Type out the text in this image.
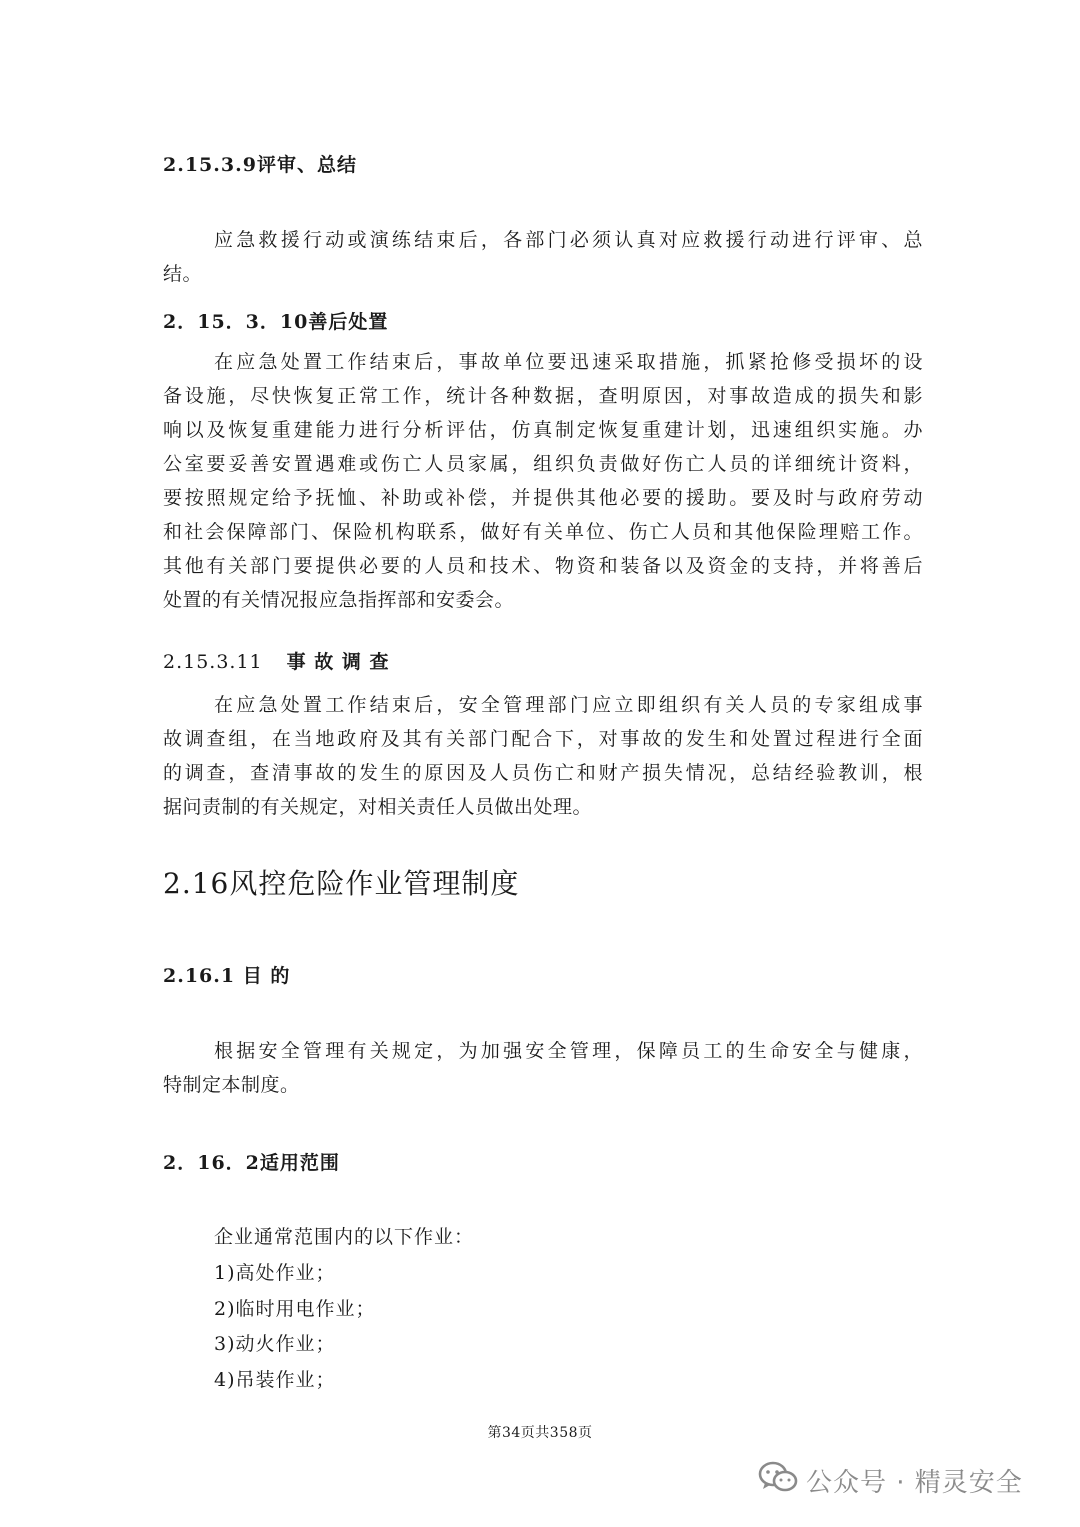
2.15.3.9评审、总结
应急救援行动或演练结束后，各部门必须认真对应救援行动进行评审、总
结。
2．15．3．10善后处置
在应急处置工作结束后，事故单位要迅速采取措施，抓紧抢修受损坏的设
备设施，尽快恢复正常工作，统计各种数据，查明原因，对事故造成的损失和影
响以及恢复重建能力进行分析评估，仿真制定恢复重建计划，迅速组织实施。办
公室要妥善安置遇难或伤亡人员家属，组织负责做好伤亡人员的详细统计资料，
要按照规定给予抚恤、补助或补偿，并提供其他必要的援助。要及时与政府劳动
和社会保障部门、保险机构联系，做好有关单位、伤亡人员和其他保险理赔工作。
其他有关部门要提供必要的人员和技术、物资和装备以及资金的支持，并将善后
处置的有关情况报应急指挥部和安委会。
2.15.3.11 事 故 调 查
在应急处置工作结束后，安全管理部门应立即组织有关人员的专家组成事
故调查组，在当地政府及其有关部门配合下，对事故的发生和处置过程进行全面
的调查，查清事故的发生的原因及人员伤亡和财产损失情况，总结经验教训，根
据问责制的有关规定，对相关责任人员做出处理。
2.16风控危险作业管理制度
2.16.1 目 的
根据安全管理有关规定，为加强安全管理，保障员工的生命安全与健康，
特制定本制度。
2．16．2适用范围
企业通常范围内的以下作业：
1)高处作业；
2)临时用电作业；
3)动火作业；
4)吊装作业；
第34页共358页
公众号 · 精灵安全
